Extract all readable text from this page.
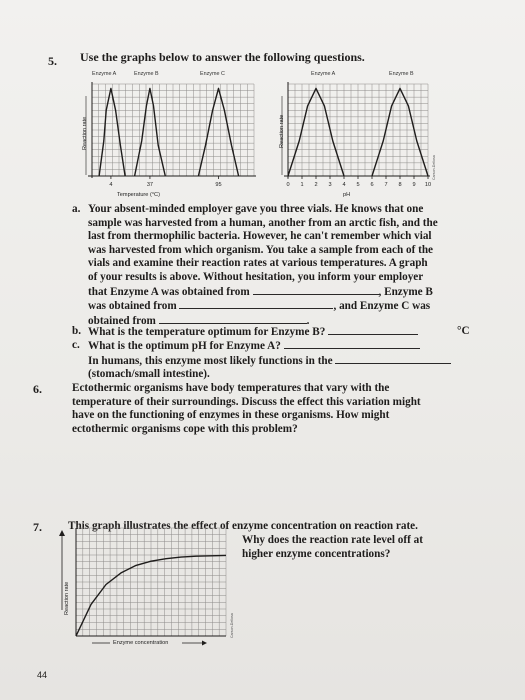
5. Use the graphs below to answer the following questions.
Enzyme A	Enzyme B	Enzyme C
Reaction rate
4	37	95
Temperature (°C)
Enzyme A	Enzyme B
Reaction rate
Carson-Dellosa
0 1 2 3 4 5 6 7 8 9 10
pH
a. Your absent-minded employer gave you three vials. He knows that one
sample was harvested from a human, another from an arctic fish, and the
last from thermophilic bacteria. However, he can't remember which vial
was harvested from which organism. You take a sample from each of the
vials and examine their reaction rates at various temperatures. A graph
of your results is above. Without hesitation, you inform your employer
that Enzyme A was obtained from	, Enzyme B
was obtained from	, and Enzyme C was
obtained from	.
b. What is the temperature optimum for Enzyme B?	°C
c. What is the optimum pH for Enzyme A?
In humans, this enzyme most likely functions in the
(stomach/small intestine).
6.	Ectothermic organisms have body temperatures that vary with the
temperature of their surroundings. Discuss the effect this variation might
have on the functioning of enzymes in these organisms. How might
ectothermic organisms cope with this problem?
7. This graph illustrates the effect of enzyme concentration on reaction rate.
Why does the reaction rate level off at
higher enzyme concentrations?
Reaction rate
Carson-Dellosa
Enzyme concentration
44
